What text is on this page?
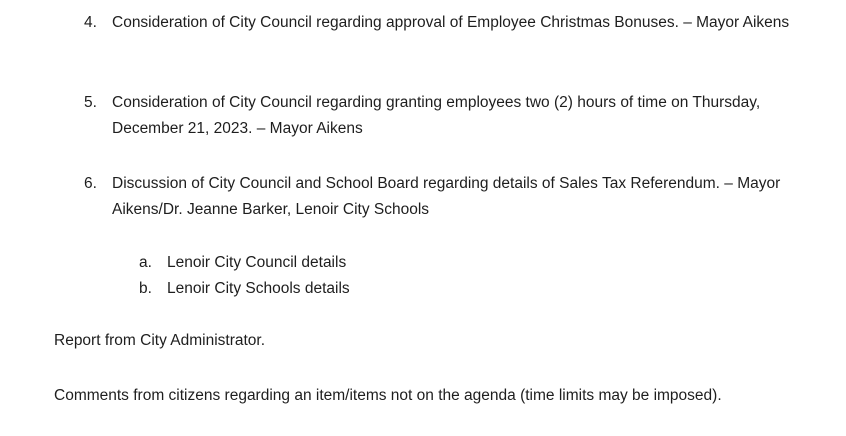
4. Consideration of City Council regarding approval of Employee Christmas Bonuses. – Mayor Aikens
5. Consideration of City Council regarding granting employees two (2) hours of time on Thursday, December 21, 2023. – Mayor Aikens
6. Discussion of City Council and School Board regarding details of Sales Tax Referendum. – Mayor Aikens/Dr. Jeanne Barker, Lenoir City Schools
a. Lenoir City Council details
b. Lenoir City Schools details
Report from City Administrator.
Comments from citizens regarding an item/items not on the agenda (time limits may be imposed).
